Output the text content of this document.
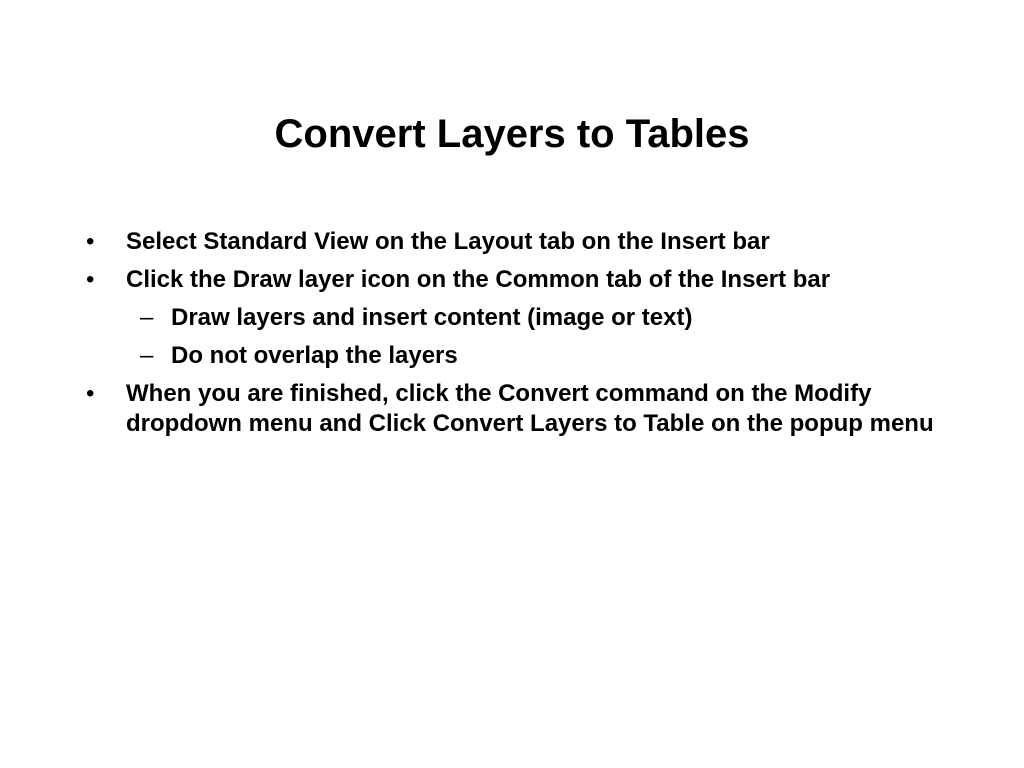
Convert Layers to Tables
• Select Standard View on the Layout tab on the Insert bar
• Click the Draw layer icon on the Common tab of the Insert bar
– Draw layers and insert content (image or text)
– Do not overlap the layers
• When you are finished, click the Convert command on the Modify dropdown menu and Click Convert Layers to Table on the popup menu
